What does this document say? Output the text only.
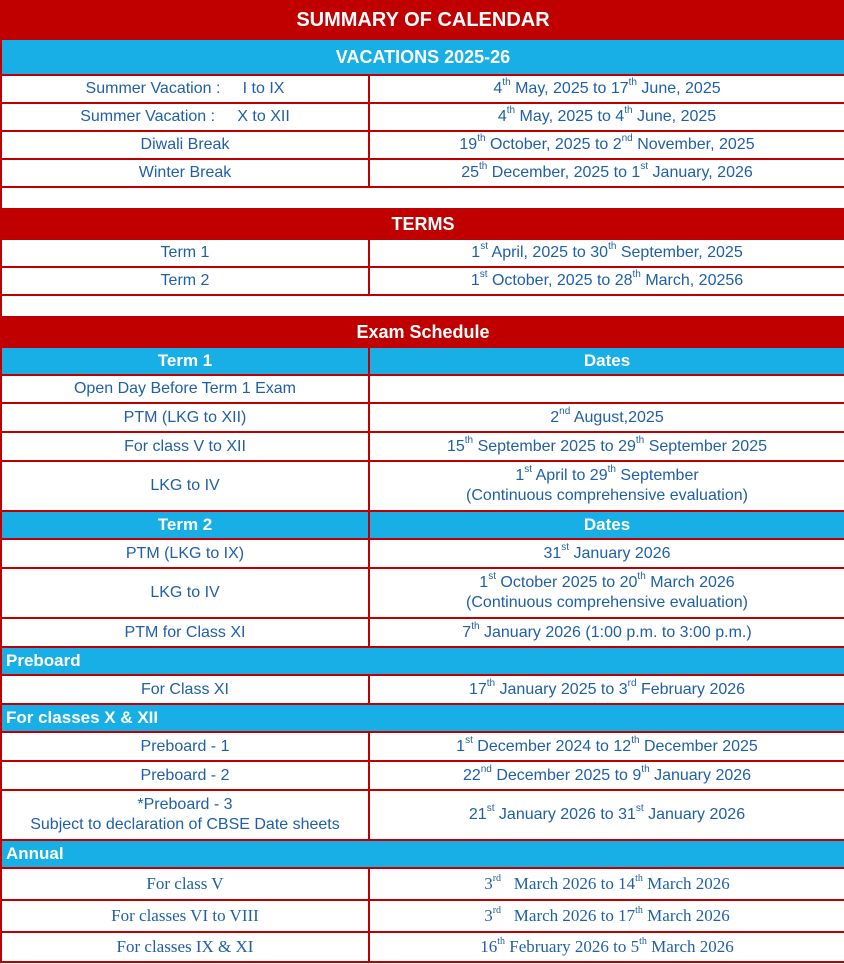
SUMMARY OF CALENDAR	
VACATIONS 2025-26	
Summer Vacation :     I to IX	4th May, 2025 to 17th June, 2025
Summer Vacation :     X to XII	4th May, 2025 to 4th June, 2025
Diwali Break	19th October, 2025 to 2nd November, 2025
Winter Break	25th December, 2025 to 1st January, 2026

TERMS	
Term 1	1st April, 2025 to 30th September, 2025
Term 2	1st October, 2025 to 28th March, 20256

Exam Schedule	
Term 1	Dates
Open Day Before Term 1 Exam	
PTM (LKG to XII)	2nd August,2025
For class V to XII	15th September 2025 to 29th September 2025
LKG to IV	1st April to 29th September
(Continuous comprehensive evaluation)
Term 2	Dates
PTM (LKG to IX)	31st January 2026
LKG to IV	1st October 2025 to 20th March 2026
(Continuous comprehensive evaluation)
PTM for Class XI	7th January 2026 (1:00 p.m. to 3:00 p.m.)
Preboard	
For Class XI	17th January 2025 to 3rd February 2026
For classes X & XII	
Preboard - 1	1st December 2024 to 12th December 2025
Preboard - 2	22nd December 2025 to 9th January 2026
*Preboard - 3
Subject to declaration of CBSE Date sheets	21st January 2026 to 31st January 2026
Annual	
For class V	3rd   March 2026 to 14th March 2026
For classes VI to VIII	3rd   March 2026 to 17th March 2026
For classes IX & XI	16th February 2026 to 5th March 2026
